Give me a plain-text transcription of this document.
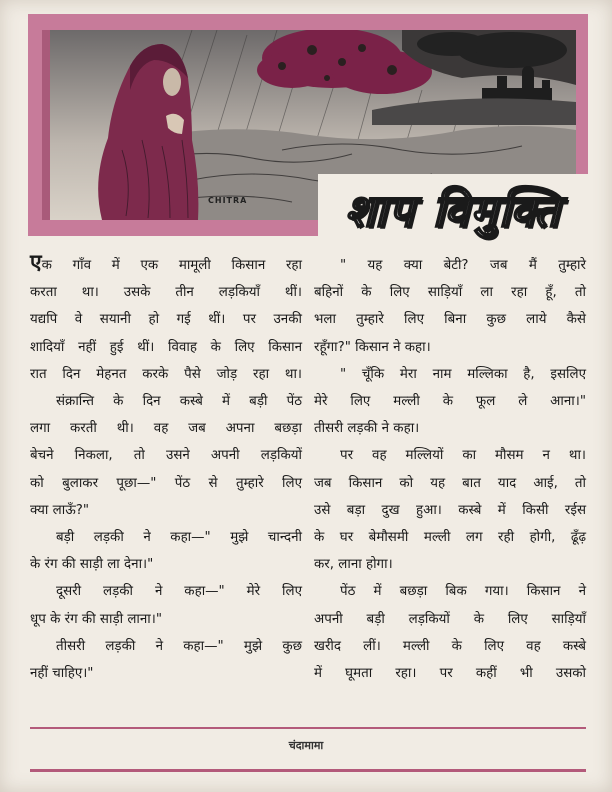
CHITRA शाप विमुक्ति

एक गाँव में एक मामूली किसान रहा

करता था। उसके तीन लड़कियाँ थीं।

यद्यपि वे सयानी हो गई थीं। पर उनकी

शादियाँ नहीं हुई थीं। विवाह के लिए किसान

रात दिन मेहनत करके पैसे जोड़ रहा था।

संक्रान्ति के दिन कस्बे में बड़ी पेंठ

लगा करती थी। वह जब अपना बछड़ा

बेचने निकला, तो उसने अपनी लड़कियों

को बुलाकर पूछा—" पेंठ से तुम्हारे लिए

क्या लाऊँ?"

बड़ी लड़की ने कहा—" मुझे चान्दनी

के रंग की साड़ी ला देना।"

दूसरी लड़की ने कहा—" मेरे लिए

धूप के रंग की साड़ी लाना।"

तीसरी लड़की ने कहा—" मुझे कुछ

नहीं चाहिए।"

" यह क्या बेटी? जब मैं तुम्हारे

बहिनों के लिए साड़ियाँ ला रहा हूँ, तो

भला तुम्हारे लिए बिना कुछ लाये कैसे

रहूँगा?" किसान ने कहा।

" चूँकि मेरा नाम मल्लिका है, इसलिए

मेरे लिए मल्ली के फूल ले आना।"

तीसरी लड़की ने कहा।

पर वह मल्लियों का मौसम न था।

जब किसान को यह बात याद आई, तो

उसे बड़ा दुख हुआ। कस्बे में किसी रईस

के घर बेमौसमी मल्ली लग रही होगी, ढूँढ़

कर, लाना होगा।

पेंठ में बछड़ा बिक गया। किसान ने

अपनी बड़ी लड़कियों के लिए साड़ियाँ

खरीद लीं। मल्ली के लिए वह कस्बे

में घूमता रहा। पर कहीं भी उसको

चंदामामा
